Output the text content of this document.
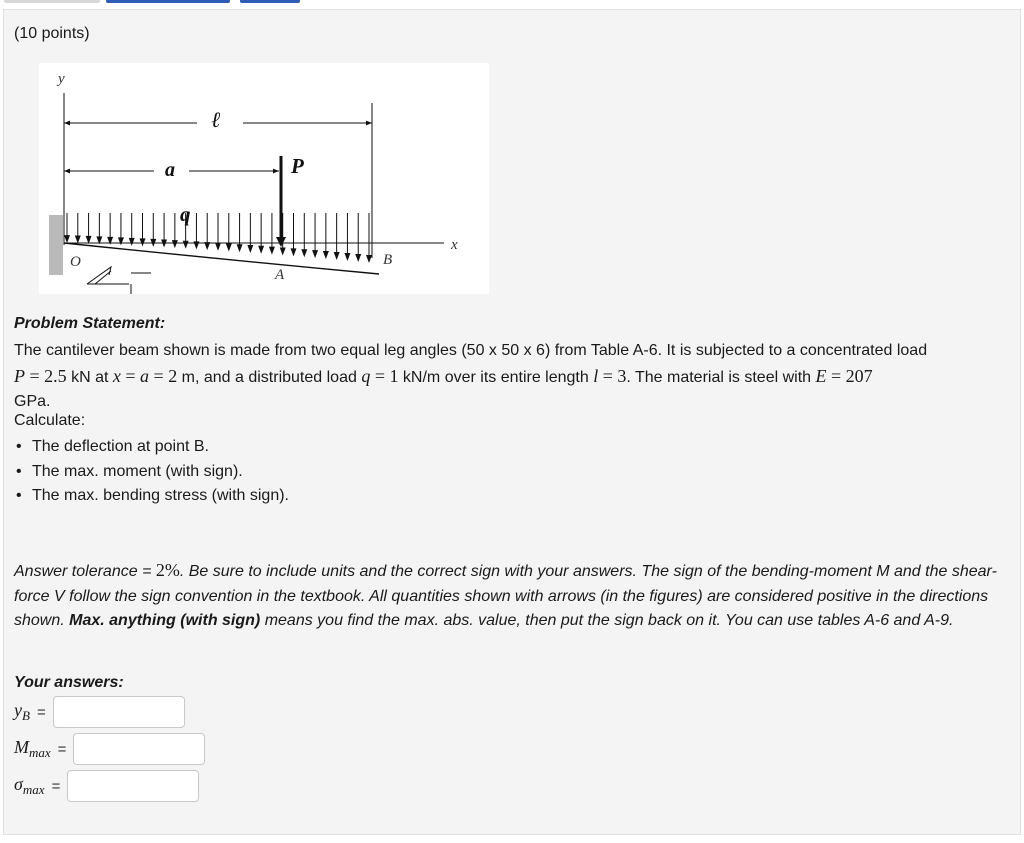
(10 points)
y
x
ℓ
a	P
q
O
A
B
Problem Statement:
The cantilever beam shown is made from two equal leg angles (50 x 50 x 6) from Table A-6. It is subjected to a concentrated load
P = 2.5 kN at x = a = 2 m, and a distributed load q = 1 kN/m over its entire length l = 3. The material is steel with E = 207
GPa.
Calculate:
• The deflection at point B.
• The max. moment (with sign).
• The max. bending stress (with sign).
Answer tolerance = 2%. Be sure to include units and the correct sign with your answers. The sign of the bending-moment M and the shear-force V follow the sign convention in the textbook. All quantities shown with arrows (in the figures) are considered positive in the directions shown. Max. anything (with sign) means you find the max. abs. value, then put the sign back on it. You can use tables A-6 and A-9.
Your answers:
$y_B$ =
$M_{max}$ =
$\sigma_{max}$ =
